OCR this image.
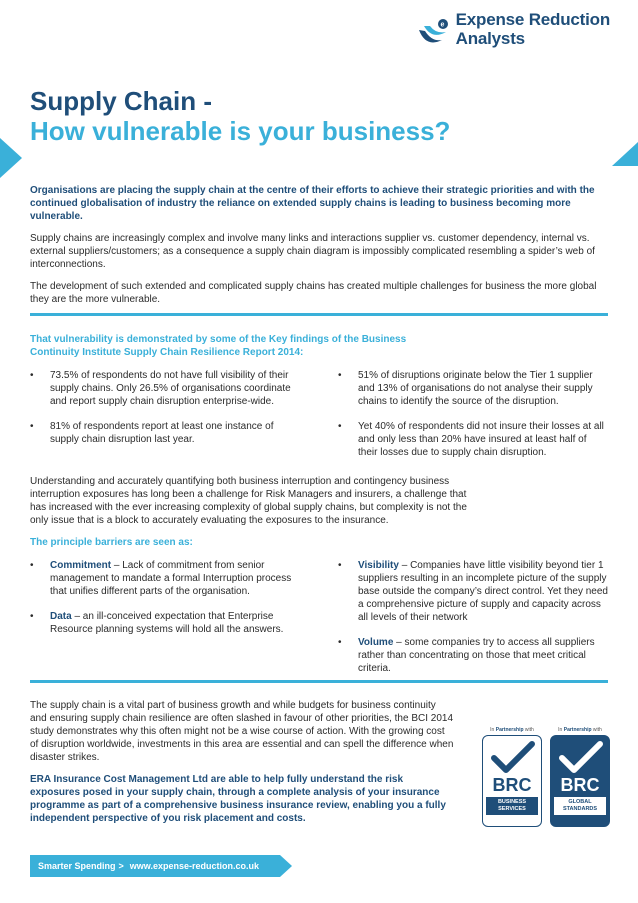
e Expense Reduction
Analysts
Supply Chain -
How vulnerable is your business?

Organisations are placing the supply chain at the centre of their efforts to achieve their strategic priorities and with the continued globalisation of industry the reliance on extended supply chains is leading to business becoming more vulnerable.

Supply chains are increasingly complex and involve many links and interactions supplier vs. customer dependency, internal vs. external suppliers/customers; as a consequence a supply chain diagram is impossibly complicated resembling a spider’s web of interconnections.

The development of such extended and complicated supply chains has created multiple challenges for business the more global they are the more vulnerable.

That vulnerability is demonstrated by some of the Key findings of the Business Continuity Institute Supply Chain Resilience Report 2014:
• 73.5% of respondents do not have full visibility of their supply chains. Only 26.5% of organisations coordinate and report supply chain disruption enterprise-wide.
• 81% of respondents report at least one instance of supply chain disruption last year.
• 51% of disruptions originate below the Tier 1 supplier and 13% of organisations do not analyse their supply chains to identify the source of the disruption.
• Yet 40% of respondents did not insure their losses at all and only less than 20% have insured at least half of their losses due to supply chain disruption.

Understanding and accurately quantifying both business interruption and contingency business interruption exposures has long been a challenge for Risk Managers and insurers, a challenge that has increased with the ever increasing complexity of global supply chains, but complexity is not the only issue that is a block to accurately evaluating the exposures to the insurance.

The principle barriers are seen as:
• Commitment – Lack of commitment from senior management to mandate a formal Interruption process that unifies different parts of the organisation.
• Data – an ill-conceived expectation that Enterprise Resource planning systems will hold all the answers.
• Visibility – Companies have little visibility beyond tier 1 suppliers resulting in an incomplete picture of the supply base outside the company’s direct control. Yet they need a comprehensive picture of supply and capacity across all levels of their network
• Volume – some companies try to access all suppliers rather than concentrating on those that meet critical criteria.

The supply chain is a vital part of business growth and while budgets for business continuity and ensuring supply chain resilience are often slashed in favour of other priorities, the BCI 2014 study demonstrates why this often might not be a wise course of action. With the growing cost of disruption worldwide, investments in this area are essential and can spell the difference when disaster strikes.

ERA Insurance Cost Management Ltd are able to help fully understand the risk exposures posed in your supply chain, through a complete analysis of your insurance programme as part of a comprehensive business insurance review, enabling you a fully independent perspective of you risk placement and costs.

In Partnership with
BRC
BUSINESS SERVICES
In Partnership with
BRC
GLOBAL STANDARDS
Smarter Spending > www.expense-reduction.co.uk
